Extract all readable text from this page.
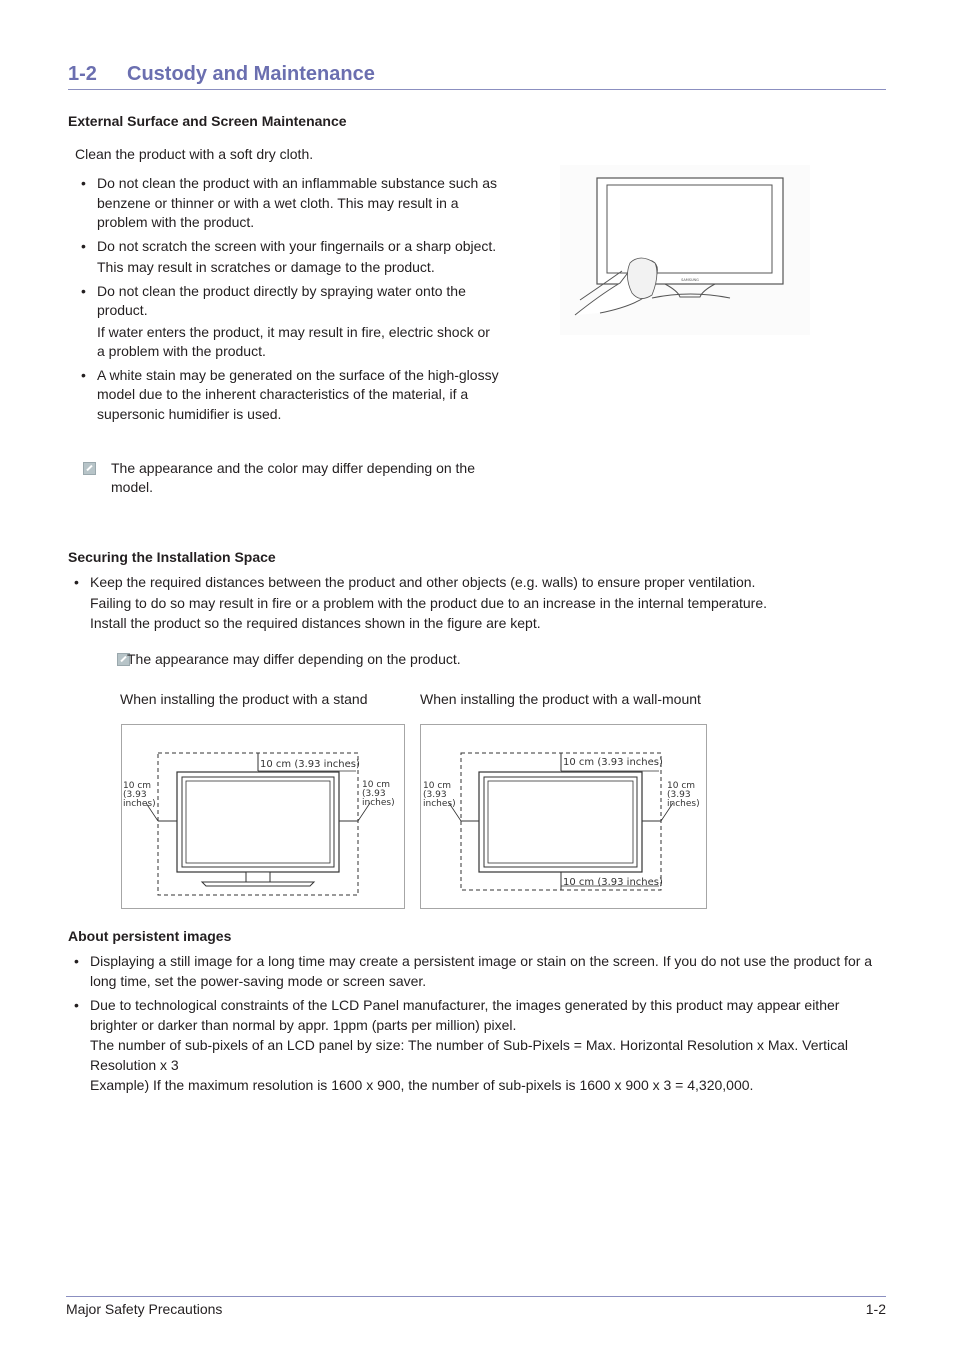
1-2 Custody and Maintenance
External Surface and Screen Maintenance
Clean the product with a soft dry cloth.
• Do not clean the product with an inflammable substance such as benzene or thinner or with a wet cloth. This may result in a problem with the product.

• Do not scratch the screen with your fingernails or a sharp object.

This may result in scratches or damage to the product.

• Do not clean the product directly by spraying water onto the product.

If water enters the product, it may result in fire, electric shock or a problem with the product.

• A white stain may be generated on the surface of the high-glossy model due to the inherent characteristics of the material, if a supersonic humidifier is used.

The appearance and the color may differ depending on the model.
SAMSUNG
Securing the Installation Space
• Keep the required distances between the product and other objects (e.g. walls) to ensure proper ventilation.

Failing to do so may result in fire or a problem with the product due to an increase in the internal temperature.

Install the product so the required distances shown in the figure are kept.

The appearance may differ depending on the product.
When installing the product with a stand	When installing the product with a wall-mount
10 cm (3.93 inches)
10 cm
(3.93
inches)
10 cm
(3.93
inches)
10 cm (3.93 inches)
10 cm (3.93 inches)
10 cm
(3.93
inches)
10 cm
(3.93
inches)
About persistent images
• Displaying a still image for a long time may create a persistent image or stain on the screen. If you do not use the product for a long time, set the power-saving mode or screen saver.

• Due to technological constraints of the LCD Panel manufacturer, the images generated by this product may appear either brighter or darker than normal by appr. 1ppm (parts per million) pixel.

The number of sub-pixels of an LCD panel by size: The number of Sub-Pixels = Max. Horizontal Resolution x Max. Vertical Resolution x 3

Example) If the maximum resolution is 1600 x 900, the number of sub-pixels is 1600 x 900 x 3 = 4,320,000.

Major Safety Precautions	1-2
